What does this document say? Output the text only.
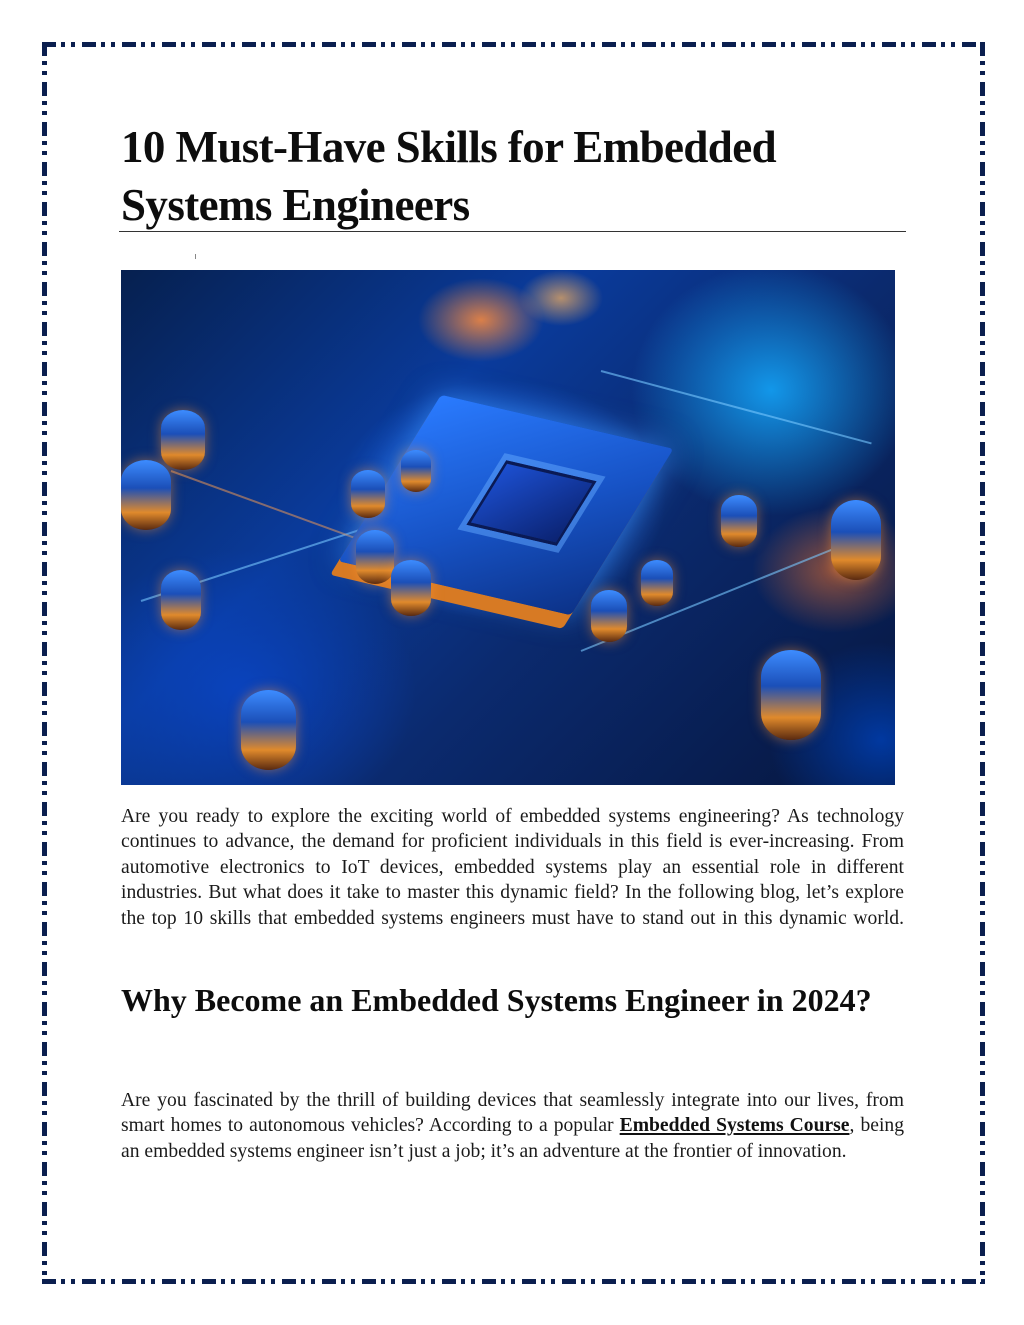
10 Must-Have Skills for Embedded Systems Engineers

Are you ready to explore the exciting world of embedded systems engineering? As technology continues to advance, the demand for proficient individuals in this field is ever-increasing. From automotive electronics to IoT devices, embedded systems play an essential role in different industries. But what does it take to master this dynamic field? In the following blog, let’s explore the top 10 skills that embedded systems engineers must have to stand out in this dynamic world.

Why Become an Embedded Systems Engineer in 2024?

Are you fascinated by the thrill of building devices that seamlessly integrate into our lives, from smart homes to autonomous vehicles? According to a popular Embedded Systems Course, being an embedded systems engineer isn’t just a job; it’s an adventure at the frontier of innovation.
